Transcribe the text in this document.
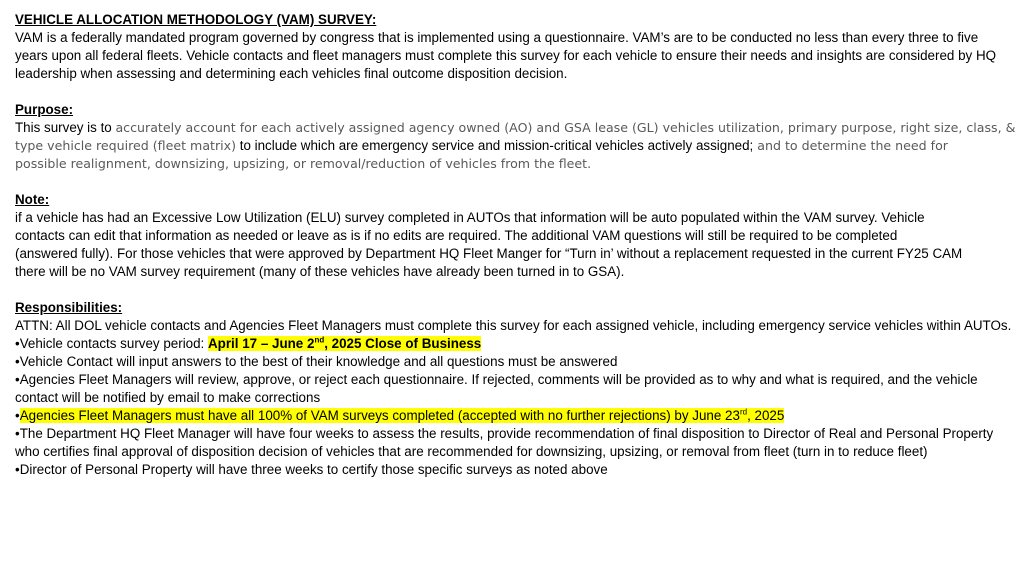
VEHICLE ALLOCATION METHODOLOGY (VAM) SURVEY:
VAM is a federally mandated program governed by congress that is implemented using a questionnaire. VAM’s are to be conducted no less than every three to five
years upon all federal fleets. Vehicle contacts and fleet managers must complete this survey for each vehicle to ensure their needs and insights are considered by HQ
leadership when assessing and determining each vehicles final outcome disposition decision.
Purpose:
This survey is to accurately account for each actively assigned agency owned (AO) and GSA lease (GL) vehicles utilization, primary purpose, right size, class, &
type vehicle required (fleet matrix) to include which are emergency service and mission-critical vehicles actively assigned; and to determine the need for
possible realignment, downsizing, upsizing, or removal/reduction of vehicles from the fleet.
Note:
if a vehicle has had an Excessive Low Utilization (ELU) survey completed in AUTOs that information will be auto populated within the VAM survey. Vehicle
contacts can edit that information as needed or leave as is if no edits are required. The additional VAM questions will still be required to be completed
(answered fully). For those vehicles that were approved by Department HQ Fleet Manger for “Turn in’ without a replacement requested in the current FY25 CAM
there will be no VAM survey requirement (many of these vehicles have already been turned in to GSA).
Responsibilities:
ATTN: All DOL vehicle contacts and Agencies Fleet Managers must complete this survey for each assigned vehicle, including emergency service vehicles within AUTOs.
•Vehicle contacts survey period: April 17 – June 2nd, 2025 Close of Business
•Vehicle Contact will input answers to the best of their knowledge and all questions must be answered
•Agencies Fleet Managers will review, approve, or reject each questionnaire. If rejected, comments will be provided as to why and what is required, and the vehicle
contact will be notified by email to make corrections
•Agencies Fleet Managers must have all 100% of VAM surveys completed (accepted with no further rejections) by June 23rd, 2025
•The Department HQ Fleet Manager will have four weeks to assess the results, provide recommendation of final disposition to Director of Real and Personal Property
who certifies final approval of disposition decision of vehicles that are recommended for downsizing, upsizing, or removal from fleet (turn in to reduce fleet)
•Director of Personal Property will have three weeks to certify those specific surveys as noted above
